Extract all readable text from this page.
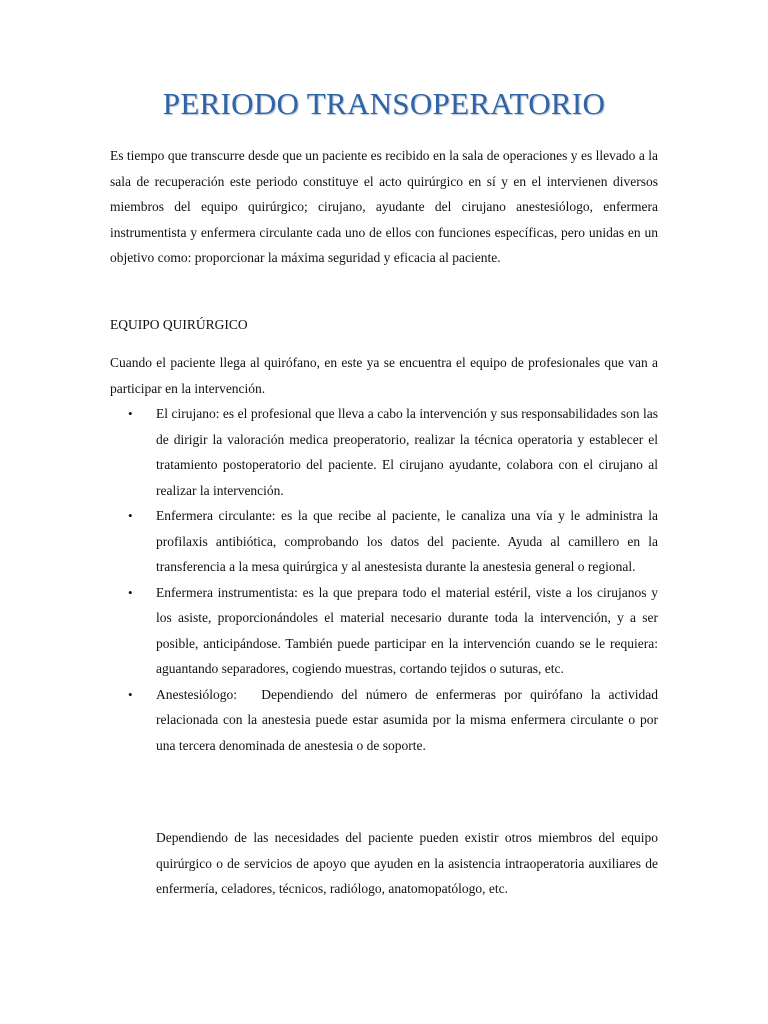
PERIODO TRANSOPERATORIO

Es tiempo que transcurre desde que un paciente es recibido en la sala de operaciones y es llevado a la sala de recuperación este periodo constituye el acto quirúrgico en sí y en el intervienen diversos miembros del equipo quirúrgico; cirujano, ayudante del cirujano anestesiólogo, enfermera instrumentista y enfermera circulante cada uno de ellos con funciones específicas, pero unidas en un objetivo como: proporcionar la máxima seguridad y eficacia al paciente.

EQUIPO QUIRÚRGICO

Cuando el paciente llega al quirófano, en este ya se encuentra el equipo de profesionales que van a participar en la intervención.

• El cirujano: es el profesional que lleva a cabo la intervención y sus responsabilidades son las de dirigir la valoración medica preoperatorio, realizar la técnica operatoria y establecer el tratamiento postoperatorio del paciente. El cirujano ayudante, colabora con el cirujano al realizar la intervención.
• Enfermera circulante: es la que recibe al paciente, le canaliza una vía y le administra la profilaxis antibiótica, comprobando los datos del paciente. Ayuda al camillero en la transferencia a la mesa quirúrgica y al anestesista durante la anestesia general o regional.
• Enfermera instrumentista: es la que prepara todo el material estéril, viste a los cirujanos y los asiste, proporcionándoles el material necesario durante toda la intervención, y a ser posible, anticipándose. También puede participar en la intervención cuando se le requiera: aguantando separadores, cogiendo muestras, cortando tejidos o suturas, etc.
• Anestesiólogo:   Dependiendo del número de enfermeras por quirófano la actividad relacionada con la anestesia puede estar asumida por la misma enfermera circulante o por una tercera denominada de anestesia o de soporte.

Dependiendo de las necesidades del paciente pueden existir otros miembros del equipo quirúrgico o de servicios de apoyo que ayuden en la asistencia intraoperatoria auxiliares de enfermería, celadores, técnicos, radiólogo, anatomopatólogo, etc.
